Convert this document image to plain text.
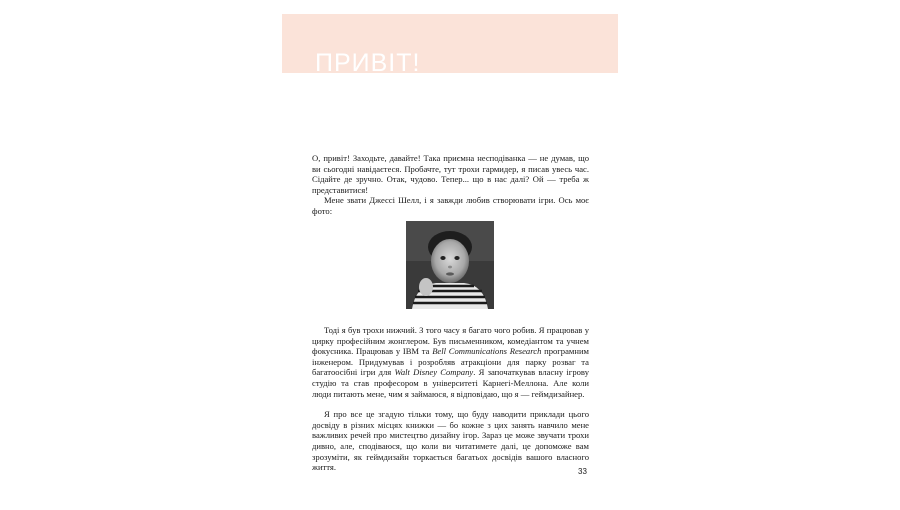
ПРИВІТ!

О, привіт! Заходьте, давайте! Така приємна несподіванка — не думав, що ви сьогодні навідаєтеся. Пробачте, тут трохи гармидер, я писав увесь час. Сідайте де зручно. Отак, чудово. Тепер... що в нас далі? Ой — треба ж представитися!

Мене звати Джессі Шелл, і я завжди любив створювати ігри. Ось моє фото:

Тоді я був трохи нижчий. З того часу я багато чого робив. Я працював у цирку професійним жонглером. Був письменником, комедіантом та учнем фокусника. Працював у IBM та Bell Communications Research програмним інженером. Придумував і розробляв атракціони для парку розваг та багатоосібні ігри для Walt Disney Company. Я започаткував власну ігрову студію та став професором в університеті Карнегі-Меллона. Але коли люди питають мене, чим я займаюся, я відповідаю, що я — геймдизайнер.

Я про все це згадую тільки тому, що буду наводити приклади цього досвіду в різних місцях книжки — бо кожне з цих занять навчило мене важливих речей про мистецтво дизайну ігор. Зараз це може звучати трохи дивно, але, сподіваюся, що коли ви читатимете далі, це допоможе вам зрозуміти, як геймдизайн торкається багатьох досвідів вашого власного життя.	33
